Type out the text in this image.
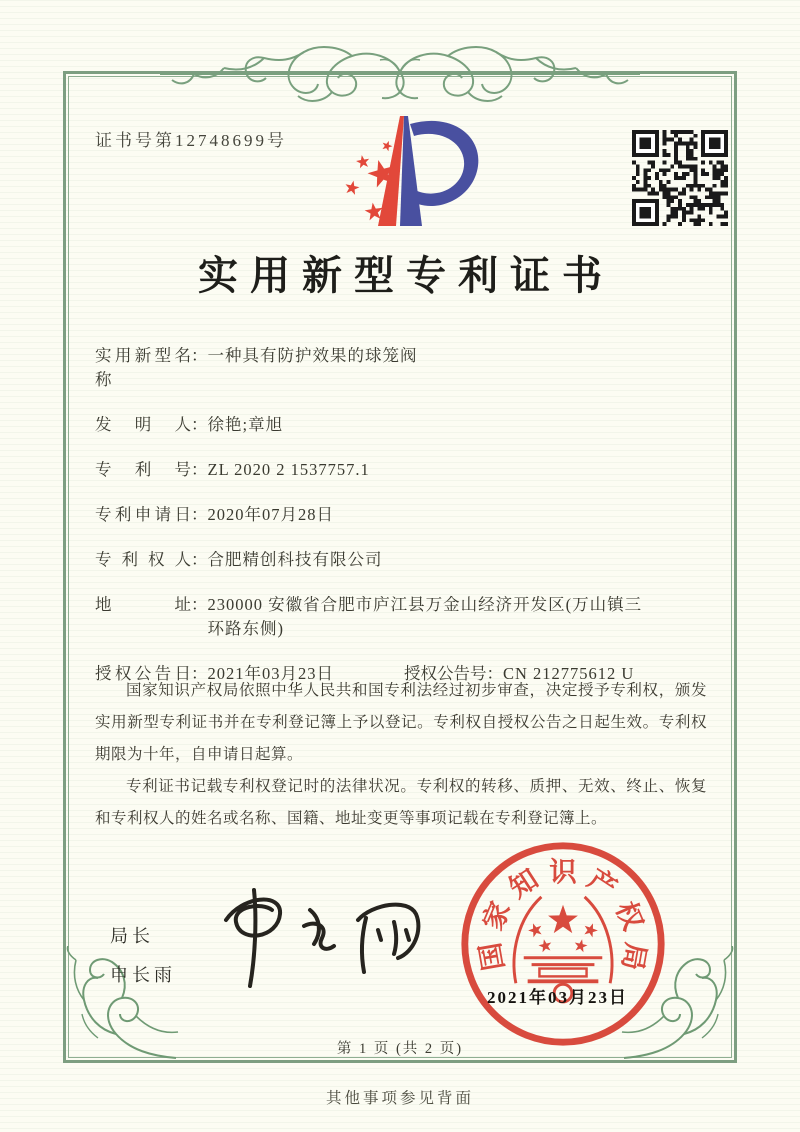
证书号第12748699号
实用新型专利证书
实用新型名称
： 一种具有防护效果的球笼阀
发明人 ： 徐艳;章旭
专利号 ： ZL 2020 2 1537757.1
专利申请日 ： 2020年07月28日
专利权人 ： 合肥精创科技有限公司
地址 ： 230000 安徽省合肥市庐江县万金山经济开发区(万山镇三环路东侧)
授权公告日 ： 2021年03月23日	授权公告号 ： CN 212775612 U

国家知识产权局依照中华人民共和国专利法经过初步审查，决定授予专利权，颁发实用新型专利证书并在专利登记簿上予以登记。专利权自授权公告之日起生效。专利权期限为十年，自申请日起算。

专利证书记载专利权登记时的法律状况。专利权的转移、质押、无效、终止、恢复和专利权人的姓名或名称、国籍、地址变更等事项记载在专利登记簿上。

局长
申长雨
国
家
知 识 产
权
局
2021年03月23日
第 1 页 (共 2 页)
其他事项参见背面
